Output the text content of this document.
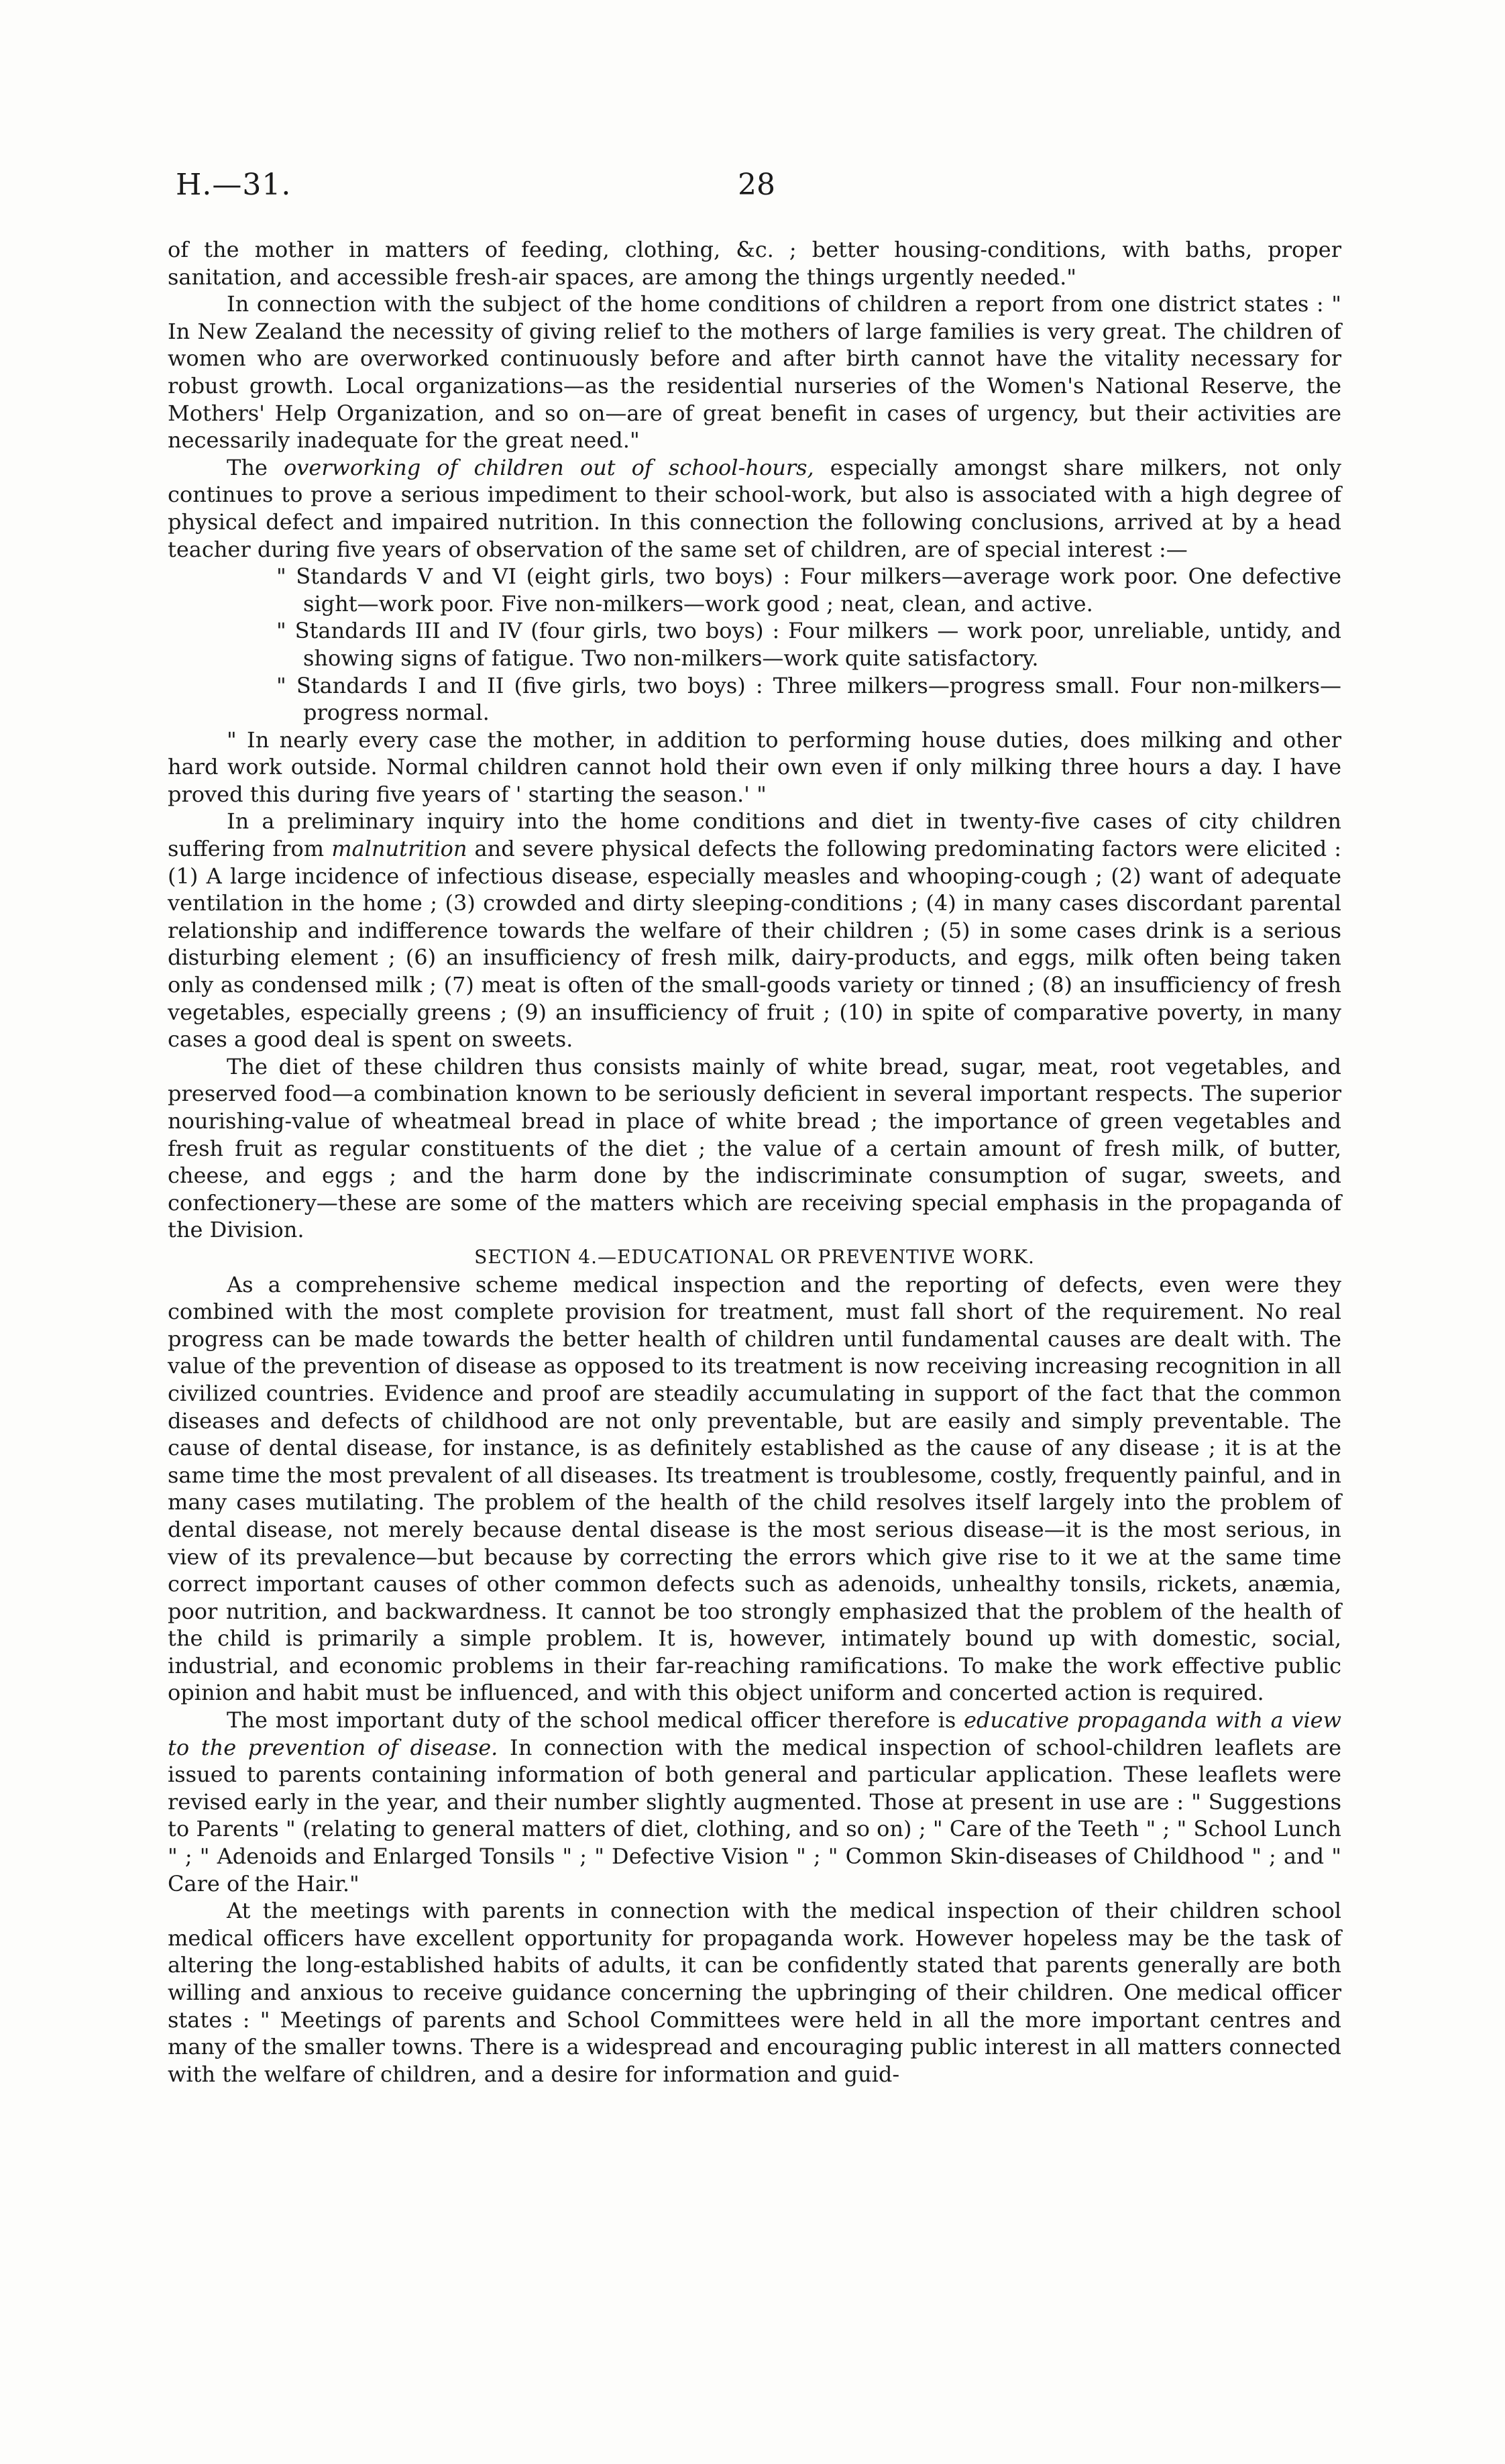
H.—31.	28

of the mother in matters of feeding, clothing, &c. ; better housing-conditions, with baths, proper sanitation, and accessible fresh-air spaces, are among the things urgently needed."

In connection with the subject of the home conditions of children a report from one district states : " In New Zealand the necessity of giving relief to the mothers of large families is very great. The children of women who are overworked continuously before and after birth cannot have the vitality necessary for robust growth. Local organizations—as the residential nurseries of the Women's National Reserve, the Mothers' Help Organization, and so on—are of great benefit in cases of urgency, but their activities are necessarily inadequate for the great need."

The overworking of children out of school-hours, especially amongst share milkers, not only continues to prove a serious impediment to their school-work, but also is associated with a high degree of physical defect and impaired nutrition. In this connection the following conclusions, arrived at by a head teacher during five years of observation of the same set of children, are of special interest :—

" Standards V and VI (eight girls, two boys) : Four milkers—average work poor. One defective sight—work poor. Five non-milkers—work good ; neat, clean, and active.

" Standards III and IV (four girls, two boys) : Four milkers — work poor, unreliable, untidy, and showing signs of fatigue. Two non-milkers—work quite satisfactory.

" Standards I and II (five girls, two boys) : Three milkers—progress small. Four non-milkers—progress normal.

" In nearly every case the mother, in addition to performing house duties, does milking and other hard work outside. Normal children cannot hold their own even if only milking three hours a day. I have proved this during five years of ' starting the season.' "

In a preliminary inquiry into the home conditions and diet in twenty-five cases of city children suffering from malnutrition and severe physical defects the following predominating factors were elicited : (1) A large incidence of infectious disease, especially measles and whooping-cough ; (2) want of adequate ventilation in the home ; (3) crowded and dirty sleeping-conditions ; (4) in many cases discordant parental relationship and indifference towards the welfare of their children ; (5) in some cases drink is a serious disturbing element ; (6) an insufficiency of fresh milk, dairy-products, and eggs, milk often being taken only as condensed milk ; (7) meat is often of the small-goods variety or tinned ; (8) an insufficiency of fresh vegetables, especially greens ; (9) an insufficiency of fruit ; (10) in spite of comparative poverty, in many cases a good deal is spent on sweets.

The diet of these children thus consists mainly of white bread, sugar, meat, root vegetables, and preserved food—a combination known to be seriously deficient in several important respects. The superior nourishing-value of wheatmeal bread in place of white bread ; the importance of green vegetables and fresh fruit as regular constituents of the diet ; the value of a certain amount of fresh milk, of butter, cheese, and eggs ; and the harm done by the indiscriminate consumption of sugar, sweets, and confectionery—these are some of the matters which are receiving special emphasis in the propaganda of the Division.

SECTION 4.—EDUCATIONAL OR PREVENTIVE WORK.

As a comprehensive scheme medical inspection and the reporting of defects, even were they combined with the most complete provision for treatment, must fall short of the requirement. No real progress can be made towards the better health of children until fundamental causes are dealt with. The value of the prevention of disease as opposed to its treatment is now receiving increasing recognition in all civilized countries. Evidence and proof are steadily accumulating in support of the fact that the common diseases and defects of childhood are not only preventable, but are easily and simply preventable. The cause of dental disease, for instance, is as definitely established as the cause of any disease ; it is at the same time the most prevalent of all diseases. Its treatment is troublesome, costly, frequently painful, and in many cases mutilating. The problem of the health of the child resolves itself largely into the problem of dental disease, not merely because dental disease is the most serious disease—it is the most serious, in view of its prevalence—but because by correcting the errors which give rise to it we at the same time correct important causes of other common defects such as adenoids, unhealthy tonsils, rickets, anæmia, poor nutrition, and backwardness. It cannot be too strongly emphasized that the problem of the health of the child is primarily a simple problem. It is, however, intimately bound up with domestic, social, industrial, and economic problems in their far-reaching ramifications. To make the work effective public opinion and habit must be influenced, and with this object uniform and concerted action is required.

The most important duty of the school medical officer therefore is educative propaganda with a view to the prevention of disease. In connection with the medical inspection of school-children leaflets are issued to parents containing information of both general and particular application. These leaflets were revised early in the year, and their number slightly augmented. Those at present in use are : " Suggestions to Parents " (relating to general matters of diet, clothing, and so on) ; " Care of the Teeth " ; " School Lunch " ; " Adenoids and Enlarged Tonsils " ; " Defective Vision " ; " Common Skin-diseases of Childhood " ; and " Care of the Hair."

At the meetings with parents in connection with the medical inspection of their children school medical officers have excellent opportunity for propaganda work. However hopeless may be the task of altering the long-established habits of adults, it can be confidently stated that parents generally are both willing and anxious to receive guidance concerning the upbringing of their children. One medical officer states : " Meetings of parents and School Committees were held in all the more important centres and many of the smaller towns. There is a widespread and encouraging public interest in all matters connected with the welfare of children, and a desire for information and guid-
